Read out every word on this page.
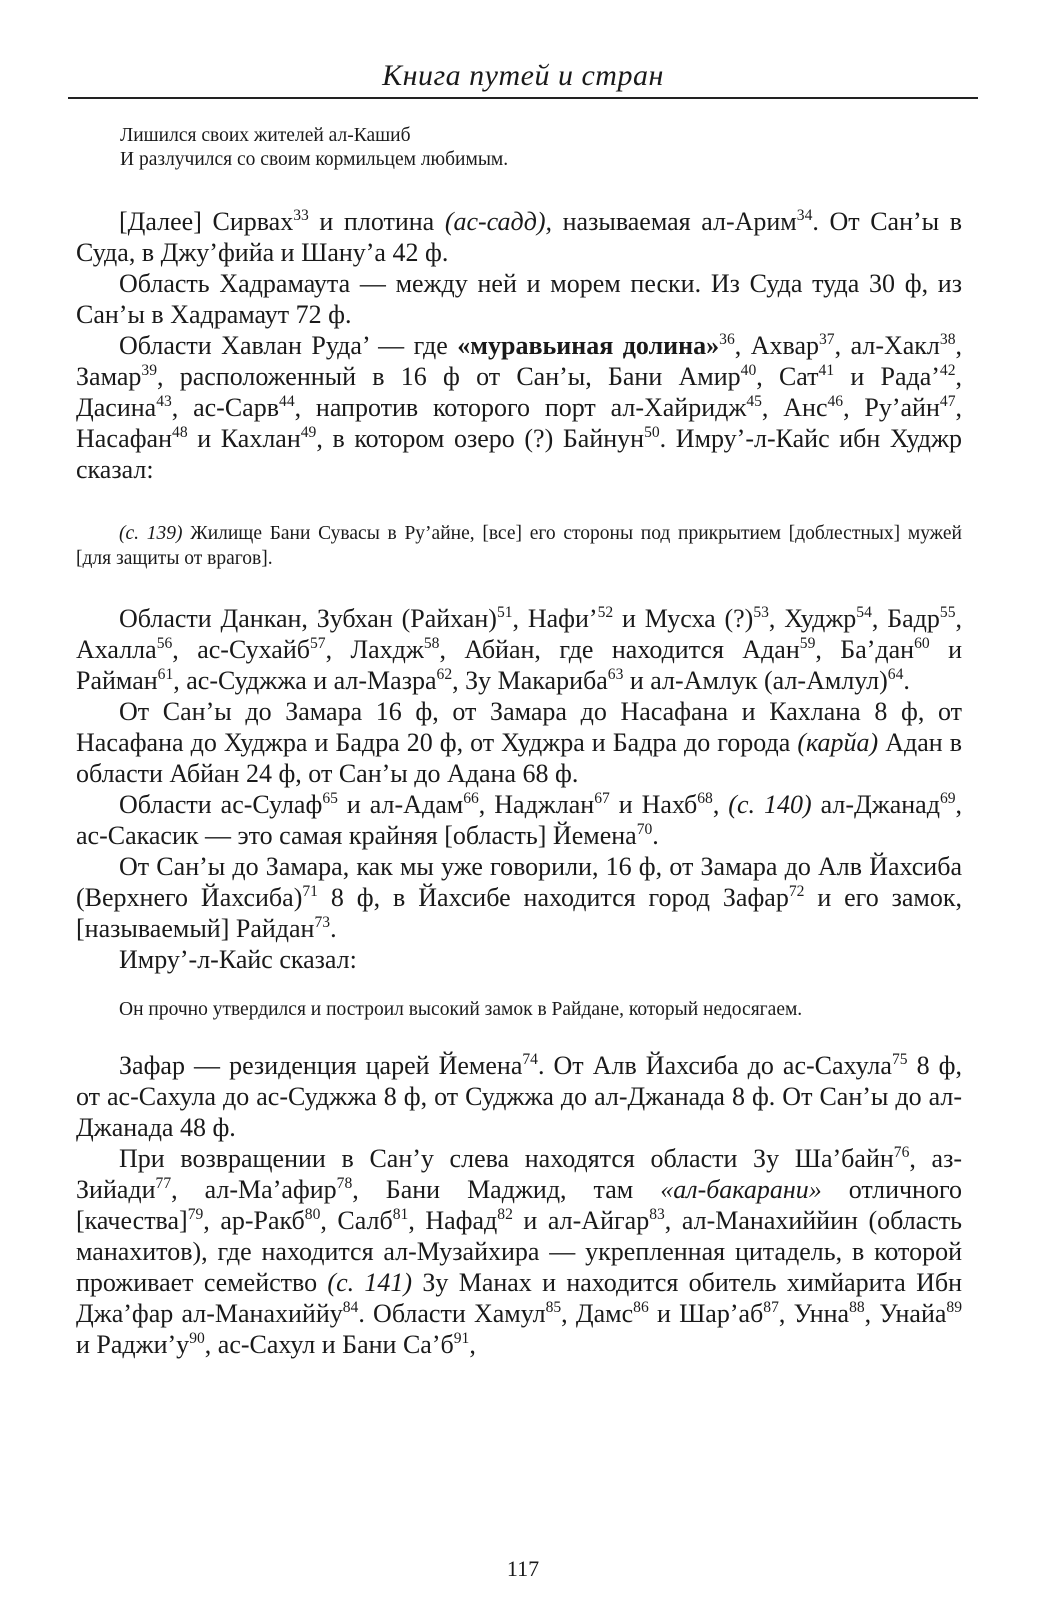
Книга путей и стран
Лишился своих жителей ал-Кашиб
И разлучился со своим кормильцем любимым.

[Далее] Сирвах$^{33}$ и плотина (ас-садд), называемая ал-Арим$^{34}$. От Сан’ы в Суда, в Джу’фийа и Шану’а 42 ф.

Область Хадрамаута — между ней и морем пески. Из Суда туда 30 ф, из Сан’ы в Хадрамаут 72 ф.

Области Хавлан Руда’ — где «муравьиная долина»$^{36}$, Ахвар$^{37}$, ал-Хакл$^{38}$, Замар$^{39}$, расположенный в 16 ф от Сан’ы, Бани Амир$^{40}$, Сат$^{41}$ и Рада’$^{42}$, Дасина$^{43}$, ас-Сарв$^{44}$, напротив которого порт ал-Хайридж$^{45}$, Анс$^{46}$, Ру’айн$^{47}$, Насафан$^{48}$ и Кахлан$^{49}$, в котором озеро (?) Байнун$^{50}$. Имру’-л-Кайс ибн Худжр сказал:

(с. 139) Жилище Бани Сувасы в Ру’айне, [все] его стороны под прикрытием [доблестных] мужей [для защиты от врагов].

Области Данкан, Зубхан (Райхан)$^{51}$, Нафи’$^{52}$ и Мусха (?)$^{53}$, Худжр$^{54}$, Бадр$^{55}$, Ахалла$^{56}$, ас-Сухайб$^{57}$, Лахдж$^{58}$, Абйан, где находится Адан$^{59}$, Ба’дан$^{60}$ и Райман$^{61}$, ас-Суджжа и ал-Мазра$^{62}$, Зу Макариба$^{63}$ и ал-Амлук (ал-Амлул)$^{64}$.

От Сан’ы до Замара 16 ф, от Замара до Насафана и Кахлана 8 ф, от Насафана до Худжра и Бадра 20 ф, от Худжра и Бадра до города (карйа) Адан в области Абйан 24 ф, от Сан’ы до Адана 68 ф.

Области ас-Сулаф$^{65}$ и ал-Адам$^{66}$, Наджлан$^{67}$ и Нахб$^{68}$, (с. 140) ал-Джанад$^{69}$, ас-Сакасик — это самая крайняя [область] Йемена$^{70}$.

От Сан’ы до Замара, как мы уже говорили, 16 ф, от Замара до Алв Йахсиба (Верхнего Йахсиба)$^{71}$ 8 ф, в Йахсибе находится город Зафар$^{72}$ и его замок, [называемый] Райдан$^{73}$.

Имру’-л-Кайс сказал:

Он прочно утвердился и построил высокий замок в Райдане, который недосягаем.

Зафар — резиденция царей Йемена$^{74}$. От Алв Йахсиба до ас-Сахула$^{75}$ 8 ф, от ас-Сахула до ас-Суджжа 8 ф, от Суджжа до ал-Джанада 8 ф. От Сан’ы до ал-Джанада 48 ф.

При возвращении в Сан’у слева находятся области Зу Ша’байн$^{76}$, аз-Зийади$^{77}$, ал-Ма’афир$^{78}$, Бани Маджид, там «ал-бакарани» отличного [качества]$^{79}$, ар-Ракб$^{80}$, Салб$^{81}$, Нафад$^{82}$ и ал-Айгар$^{83}$, ал-Манахиййин (область манахитов), где находится ал-Музайхира — укрепленная цитадель, в которой проживает семейство (с. 141) Зу Манах и находится обитель химйарита Ибн Джа’фар ал-Манахиййу$^{84}$. Области Хамул$^{85}$, Дамс$^{86}$ и $Шар’аб^{87}$, Унна$^{88}$, Унайа$^{89}$ и $Раджи’у^{90}$, ас-Сахул и Бани $Са’б^{91}$,

117
